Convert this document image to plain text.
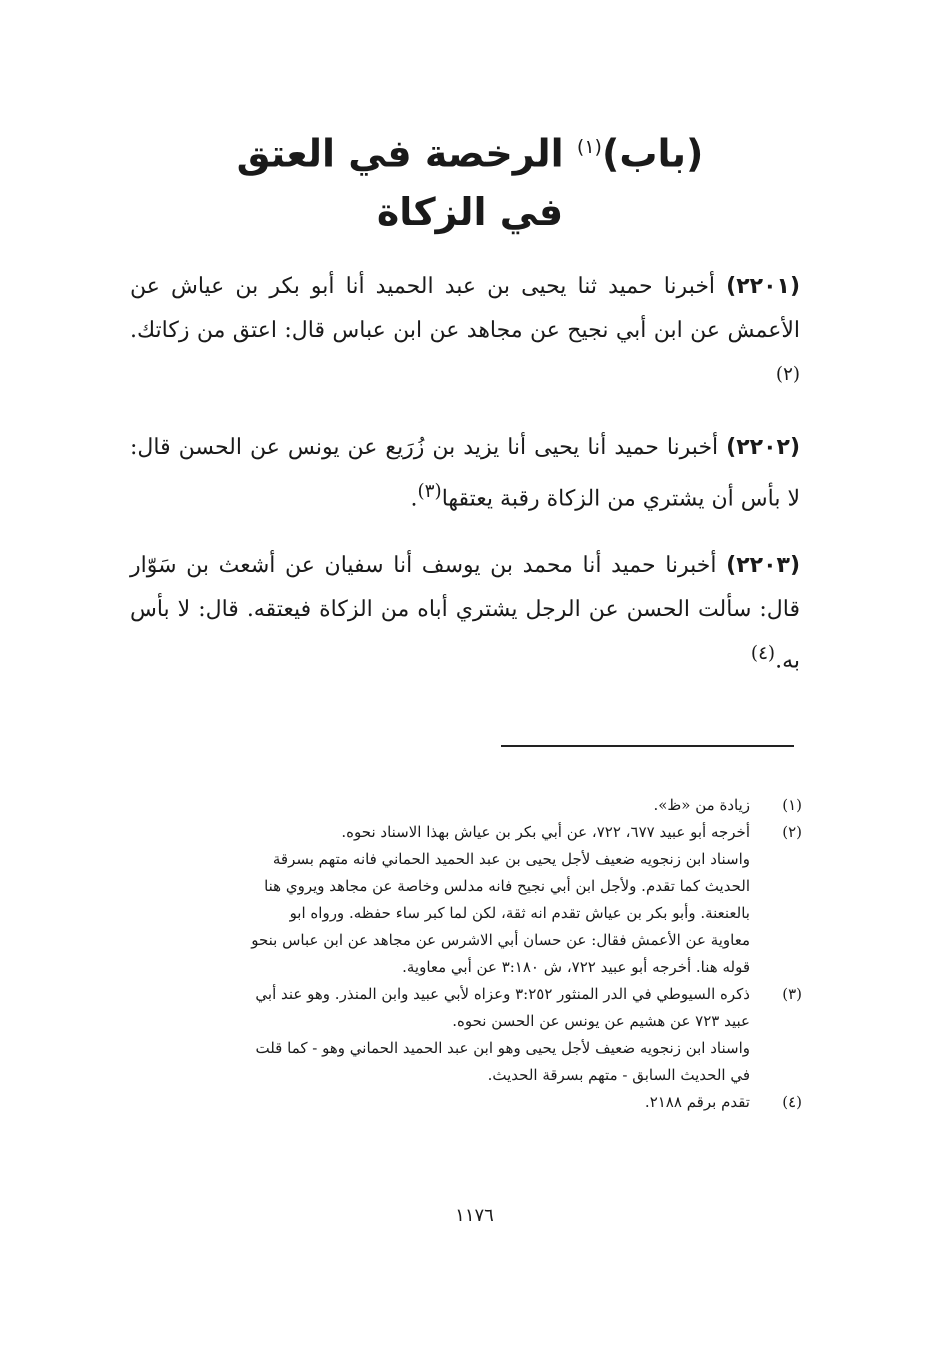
(باب)$^{(١)}$ الرخصة في العتق
في الزكاة

(٢٢٠١) أخبرنا حميد ثنا يحيى بن عبد الحميد أنا أبو بكر بن عياش عن الأعمش عن ابن أبي نجيح عن مجاهد عن ابن عباس قال: اعتق من زكاتك.$^{(٢)}$

(٢٢٠٢) أخبرنا حميد أنا يحيى أنا يزيد بن زُرَيع عن يونس عن الحسن قال: لا بأس أن يشتري من الزكاة رقبة يعتقها$^{(٣)}$.

(٢٢٠٣) أخبرنا حميد أنا محمد بن يوسف أنا سفيان عن أشعث بن سَوّار قال: سألت الحسن عن الرجل يشتري أباه من الزكاة فيعتقه. قال: لا بأس به.$^{(٤)}$

(١)
زيادة من «ظ».
(٢)
أخرجه أبو عبيد ٦٧٧، ٧٢٢، عن أبي بكر بن عياش بهذا الاسناد نحوه.
واسناد ابن زنجويه ضعيف لأجل يحيى بن عبد الحميد الحماني فانه متهم بسرقة
الحديث كما تقدم. ولأجل ابن أبي نجيح فانه مدلس وخاصة عن مجاهد ويروي هنا
بالعنعنة. وأبو بكر بن عياش تقدم انه ثقة، لكن لما كبر ساء حفظه. ورواه ابو
معاوية عن الأعمش فقال: عن حسان أبي الاشرس عن مجاهد عن ابن عباس بنحو
قوله هنا. أخرجه أبو عبيد ٧٢٢، ش ٣:١٨٠ عن أبي معاوية.
(٣)
ذكره السيوطي في الدر المنثور ٣:٢٥٢ وعزاه لأبي عبيد وابن المنذر. وهو عند أبي
عبيد ٧٢٣ عن هشيم عن يونس عن الحسن نحوه.
واسناد ابن زنجويه ضعيف لأجل يحيى وهو ابن عبد الحميد الحماني وهو - كما قلت
في الحديث السابق - متهم بسرقة الحديث.
(٤)
تقدم برقم ٢١٨٨.
١١٧٦
